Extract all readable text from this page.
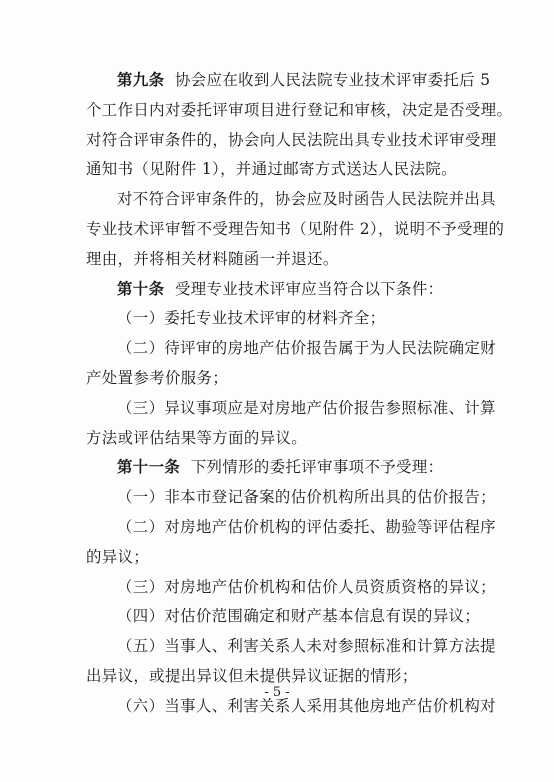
第九条 协会应在收到人民法院专业技术评审委托后 5
个工作日内对委托评审项目进行登记和审核，决定是否受理。
对符合评审条件的，协会向人民法院出具专业技术评审受理
通知书（见附件 1），并通过邮寄方式送达人民法院。

对不符合评审条件的，协会应及时函告人民法院并出具
专业技术评审暂不受理告知书（见附件 2），说明不予受理的
理由，并将相关材料随函一并退还。

第十条 受理专业技术评审应当符合以下条件：

（一）委托专业技术评审的材料齐全；

（二）待评审的房地产估价报告属于为人民法院确定财
产处置参考价服务；

（三）异议事项应是对房地产估价报告参照标准、计算
方法或评估结果等方面的异议。

第十一条 下列情形的委托评审事项不予受理：

（一）非本市登记备案的估价机构所出具的估价报告；

（二）对房地产估价机构的评估委托、勘验等评估程序
的异议；

（三）对房地产估价机构和估价人员资质资格的异议；

（四）对估价范围确定和财产基本信息有误的异议；

（五）当事人、利害关系人未对参照标准和计算方法提
出异议，或提出异议但未提供异议证据的情形；

（六）当事人、利害关系人采用其他房地产估价机构对

- 5 -
